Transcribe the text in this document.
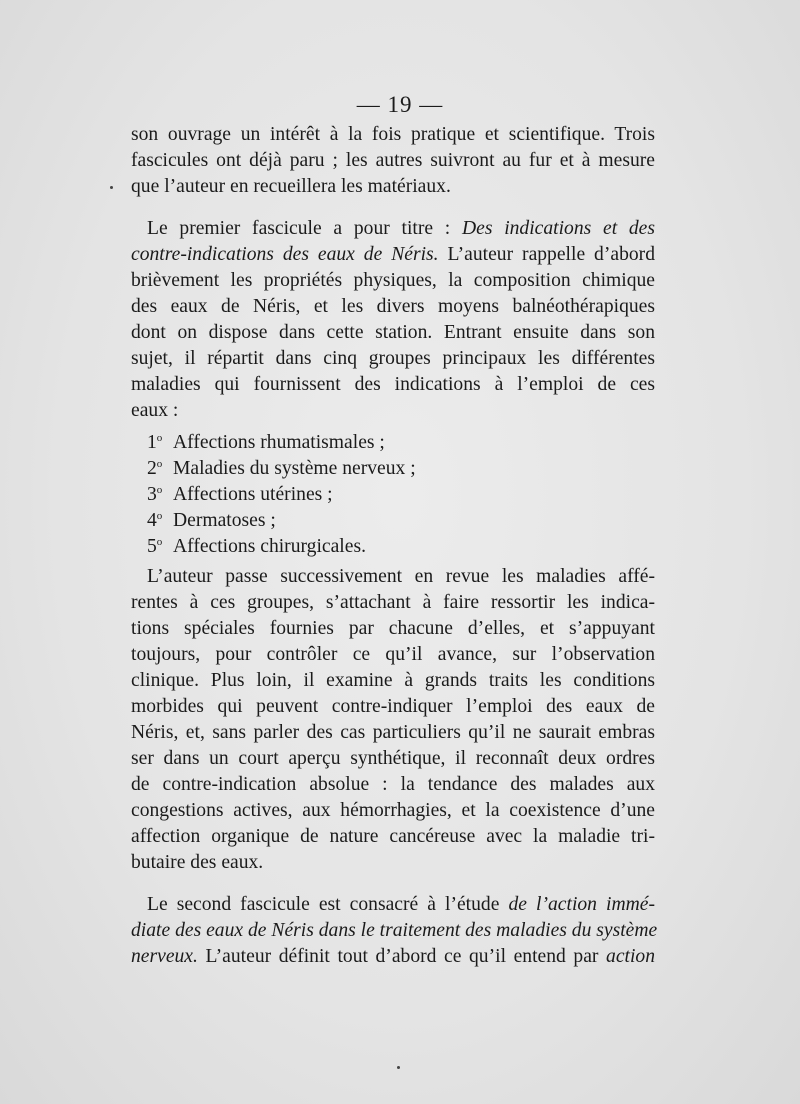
— 19 —
son ouvrage un intérêt à la fois pratique et scientifique. Trois
fascicules ont déjà paru ; les autres suivront au fur et à mesure
que l’auteur en recueillera les matériaux.
Le premier fascicule a pour titre : Des indications et des
contre-indications des eaux de Néris. L’auteur rappelle d’abord
brièvement les propriétés physiques, la composition chimique
des eaux de Néris, et les divers moyens balnéothérapiques
dont on dispose dans cette station. Entrant ensuite dans son
sujet, il répartit dans cinq groupes principaux les différentes
maladies qui fournissent des indications à l’emploi de ces
eaux :
1$^o$ Affections rhumatismales ;
2$^o$ Maladies du système nerveux ;
3$^o$ Affections utérines ;
4$^o$ Dermatoses ;
5$^o$ Affections chirurgicales.
L’auteur passe successivement en revue les maladies affé-
rentes à ces groupes, s’attachant à faire ressortir les indica-
tions spéciales fournies par chacune d’elles, et s’appuyant
toujours, pour contrôler ce qu’il avance, sur l’observation
clinique. Plus loin, il examine à grands traits les conditions
morbides qui peuvent contre-indiquer l’emploi des eaux de
Néris, et, sans parler des cas particuliers qu’il ne saurait embras
ser dans un court aperçu synthétique, il reconnaît deux ordres
de contre-indication absolue : la tendance des malades aux
congestions actives, aux hémorrhagies, et la coexistence d’une
affection organique de nature cancéreuse avec la maladie tri-
butaire des eaux.
Le second fascicule est consacré à l’étude de l’action immé-
diate des eaux de Néris dans le traitement des maladies du système
nerveux. L’auteur définit tout d’abord ce qu’il entend par action
